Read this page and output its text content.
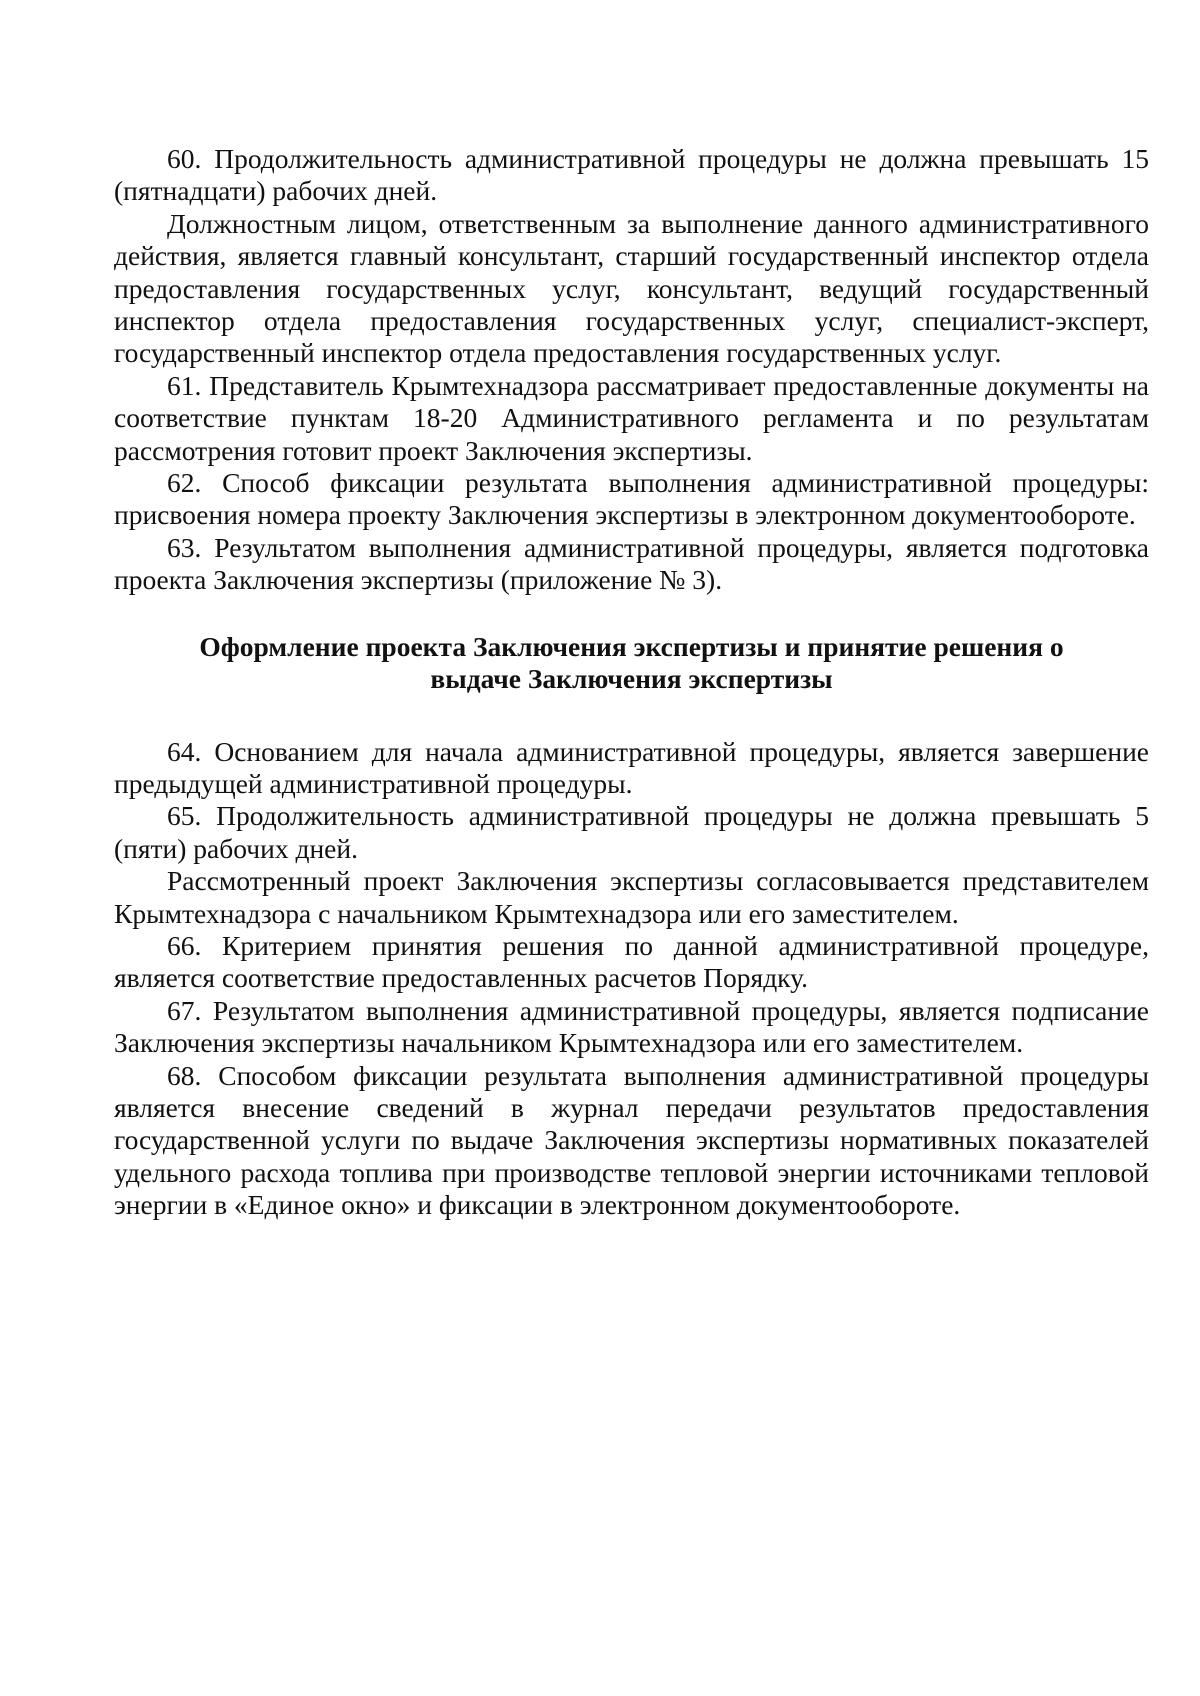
60. Продолжительность административной процедуры не должна превышать 15 (пятнадцати) рабочих дней.

Должностным лицом, ответственным за выполнение данного административного действия, является главный консультант, старший государственный инспектор отдела предоставления государственных услуг, консультант, ведущий государственный инспектор отдела предоставления государственных услуг, специалист-эксперт, государственный инспектор отдела предоставления государственных услуг.

61. Представитель Крымтехнадзора рассматривает предоставленные документы на соответствие пунктам 18-20 Административного регламента и по результатам рассмотрения готовит проект Заключения экспертизы.

62. Способ фиксации результата выполнения административной процедуры: присвоения номера проекту Заключения экспертизы в электронном документообороте.

63. Результатом выполнения административной процедуры, является подготовка проекта Заключения экспертизы (приложение № 3).

Оформление проекта Заключения экспертизы и принятие решения о выдаче Заключения экспертизы

64. Основанием для начала административной процедуры, является завершение предыдущей административной процедуры.

65. Продолжительность административной процедуры не должна превышать 5 (пяти) рабочих дней.

Рассмотренный проект Заключения экспертизы согласовывается представителем Крымтехнадзора с начальником Крымтехнадзора или его заместителем.

66. Критерием принятия решения по данной административной процедуре, является соответствие предоставленных расчетов Порядку.

67. Результатом выполнения административной процедуры, является подписание Заключения экспертизы начальником Крымтехнадзора или его заместителем.

68. Способом фиксации результата выполнения административной процедуры является внесение сведений в журнал передачи результатов предоставления государственной услуги по выдаче Заключения экспертизы нормативных показателей удельного расхода топлива при производстве тепловой энергии источниками тепловой энергии в «Единое окно» и фиксации в электронном документообороте.
